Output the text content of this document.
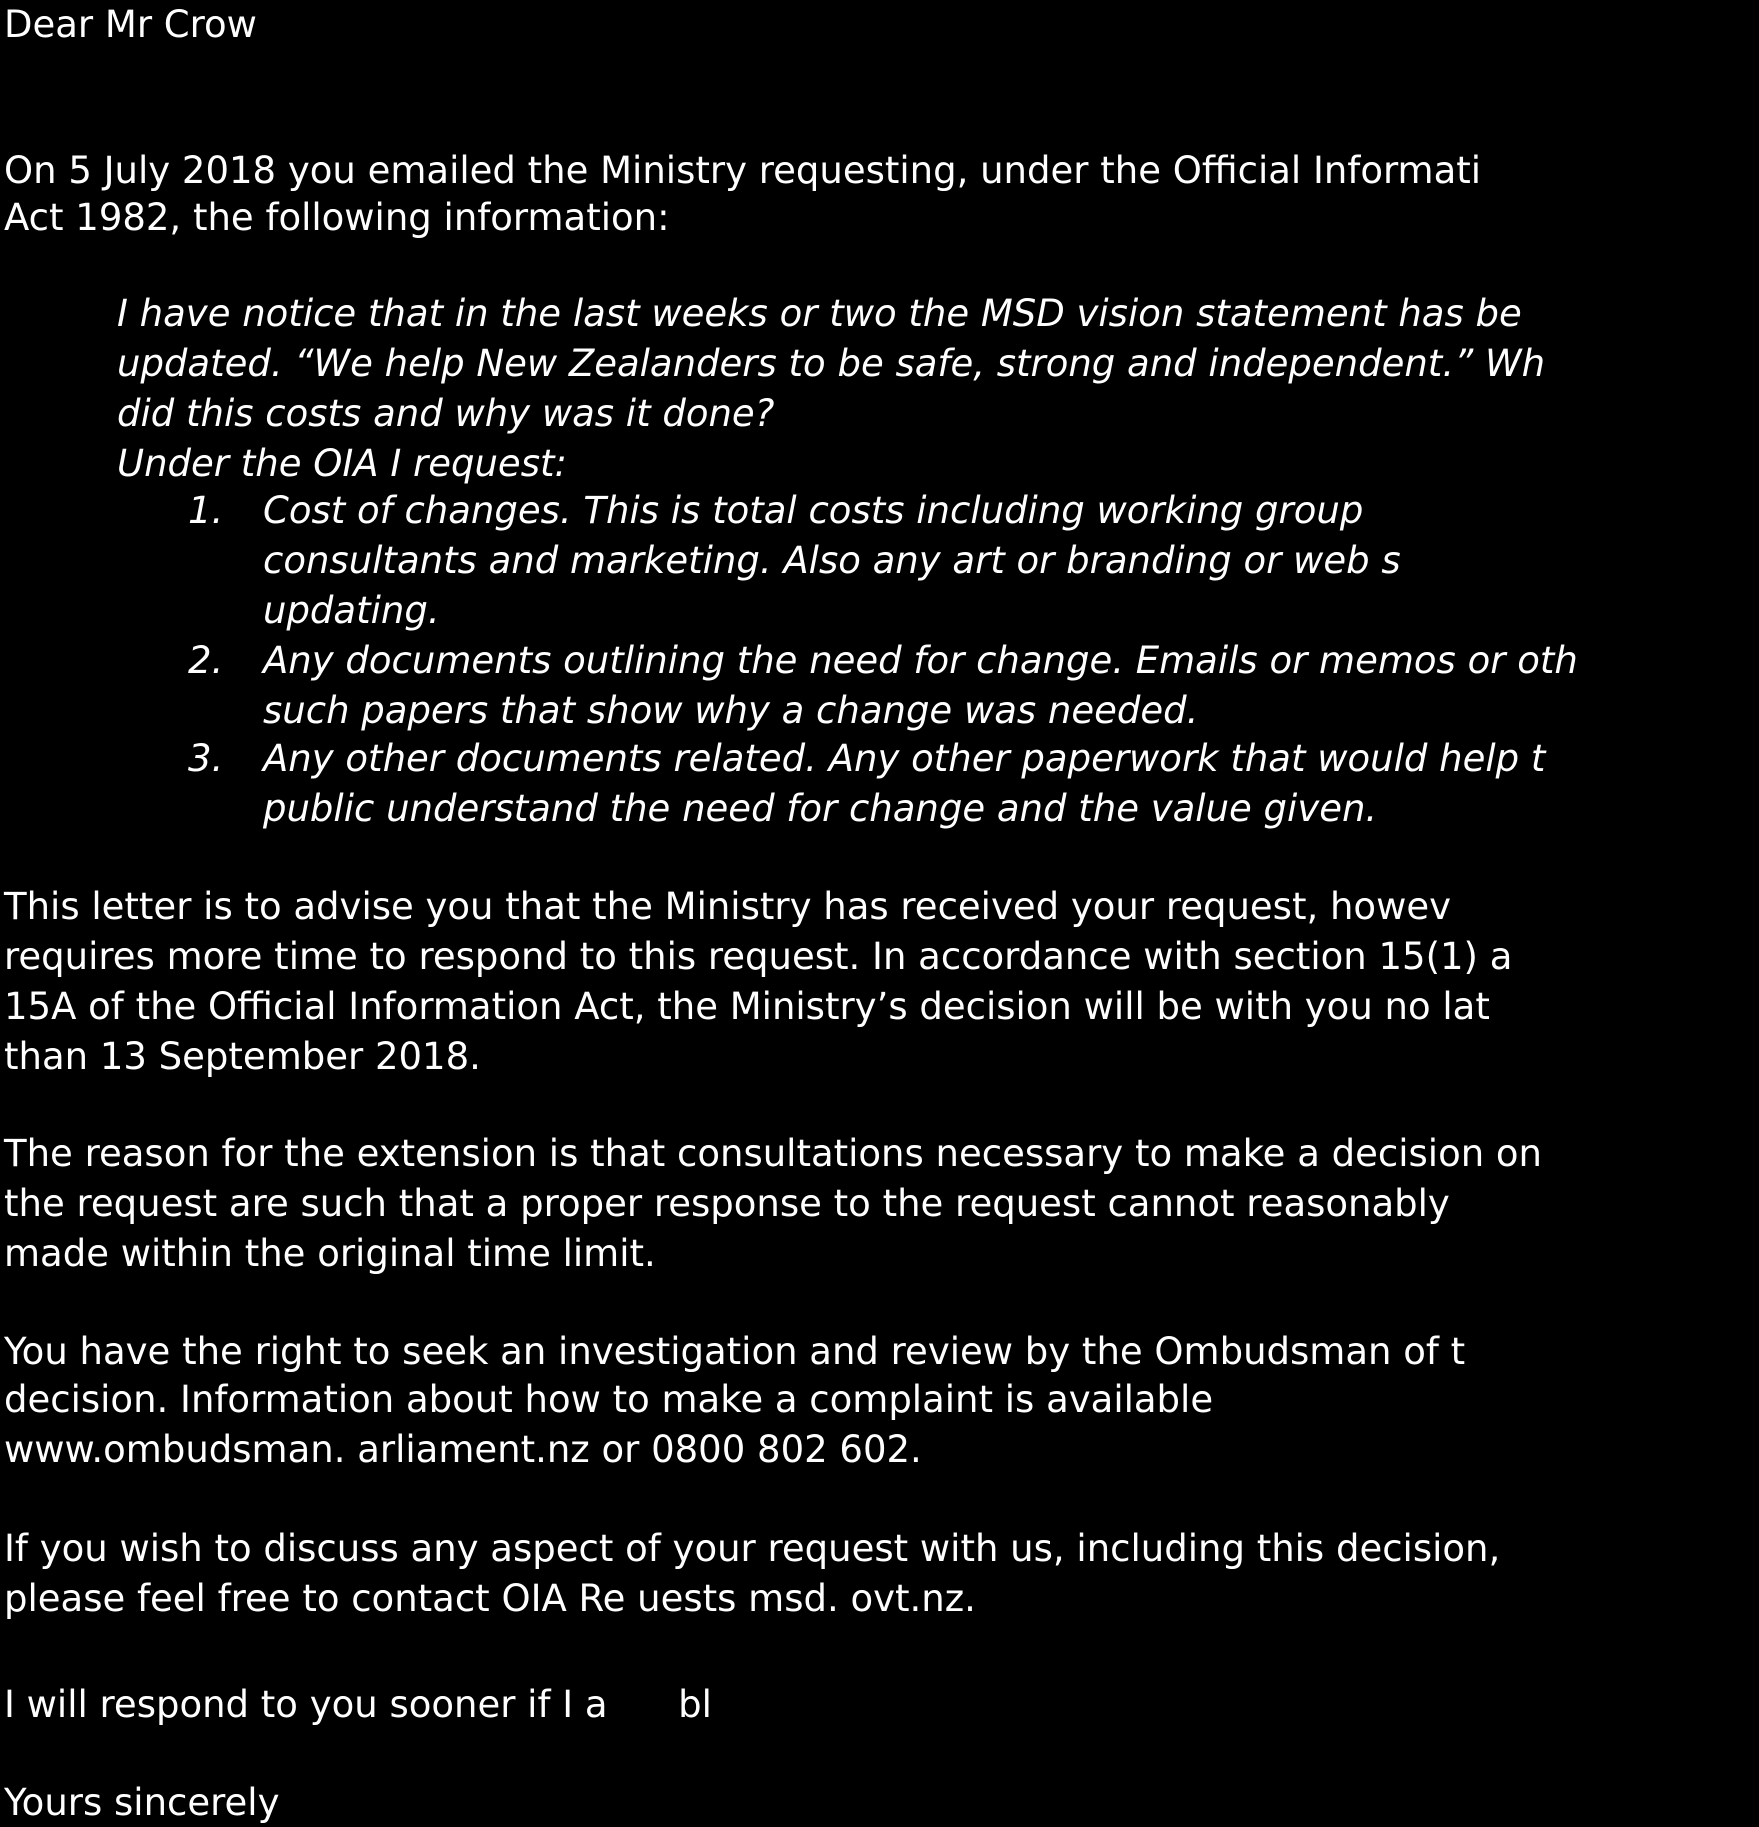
Dear Mr Crow
On 5 July 2018 you emailed the Ministry requesting, under the Official Informati
Act 1982, the following information:
I have notice that in the last weeks or two the MSD vision statement has be
updated. “We help New Zealanders to be safe, strong and independent.” Wh
did this costs and why was it done?
Under the OIA I request:
1. Cost of changes. This is total costs including working group
consultants and marketing. Also any art or branding or web s
updating.
2. Any documents outlining the need for change. Emails or memos or oth
such papers that show why a change was needed.
3. Any other documents related. Any other paperwork that would help t
public understand the need for change and the value given.
This letter is to advise you that the Ministry has received your request, howev
requires more time to respond to this request. In accordance with section 15(1) a
15A of the Official Information Act, the Ministry’s decision will be with you no lat
than 13 September 2018.
The reason for the extension is that consultations necessary to make a decision on
the request are such that a proper response to the request cannot reasonably
made within the original time limit.
You have the right to seek an investigation and review by the Ombudsman of t
decision. Information about how to make a complaint is available
www.ombudsman. arliament.nz or 0800 802 602.
If you wish to discuss any aspect of your request with us, including this decision,
please feel free to contact OIA Re uests msd. ovt.nz.
I will respond to you sooner if I a      bl
Yours sincerely
